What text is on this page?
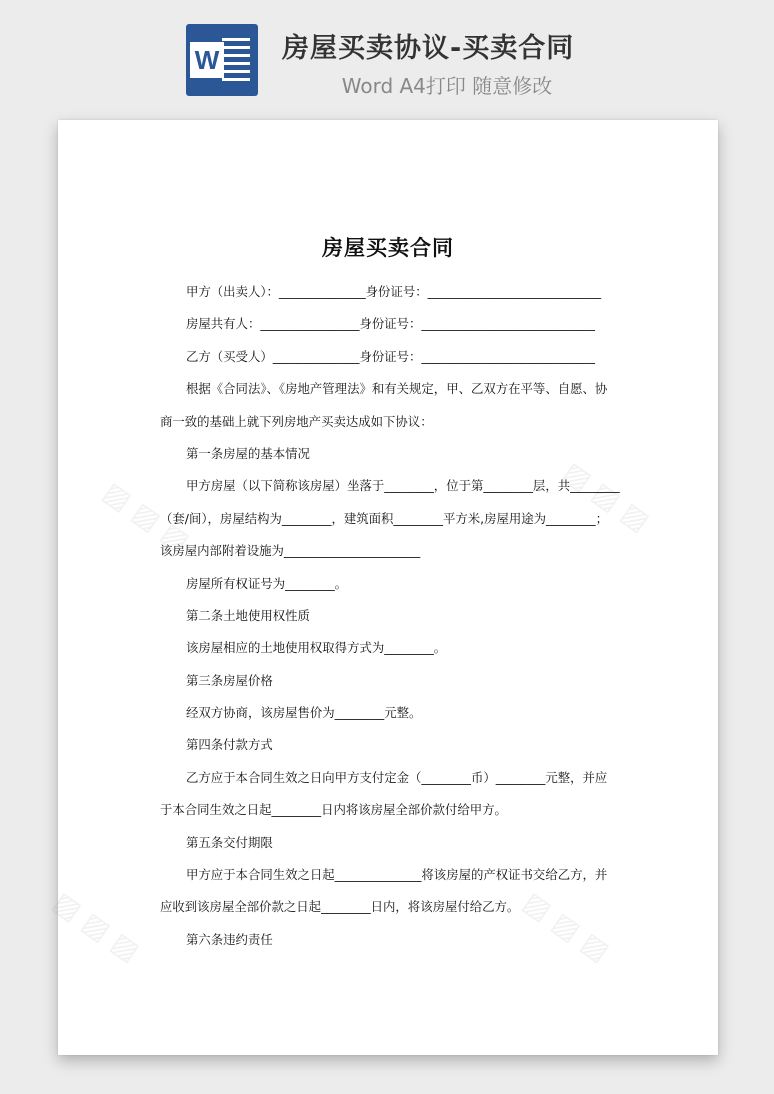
W 房屋买卖协议-买卖合同
Word A4打印 随意修改
▨ ▨ ▨	▨ ▨ ▨
▨ ▨ ▨
▨ ▨ ▨
房屋买卖合同

甲方（出卖人）：______________身份证号：____________________________

房屋共有人：________________身份证号：____________________________

乙方（买受人）______________身份证号：____________________________

根据《合同法》、《房地产管理法》和有关规定，甲、乙双方在平等、自愿、协

商一致的基础上就下列房地产买卖达成如下协议：

第一条房屋的基本情况

甲方房屋（以下简称该房屋）坐落于________，位于第________层，共________

（套/间），房屋结构为________，建筑面积________平方米,房屋用途为________；

该房屋内部附着设施为______________________

房屋所有权证号为________。

第二条土地使用权性质

该房屋相应的土地使用权取得方式为________。

第三条房屋价格

经双方协商，该房屋售价为________元整。

第四条付款方式

乙方应于本合同生效之日向甲方支付定金（________币）________元整，并应

于本合同生效之日起________日内将该房屋全部价款付给甲方。

第五条交付期限

甲方应于本合同生效之日起______________将该房屋的产权证书交给乙方，并

应收到该房屋全部价款之日起________日内，将该房屋付给乙方。

第六条违约责任
